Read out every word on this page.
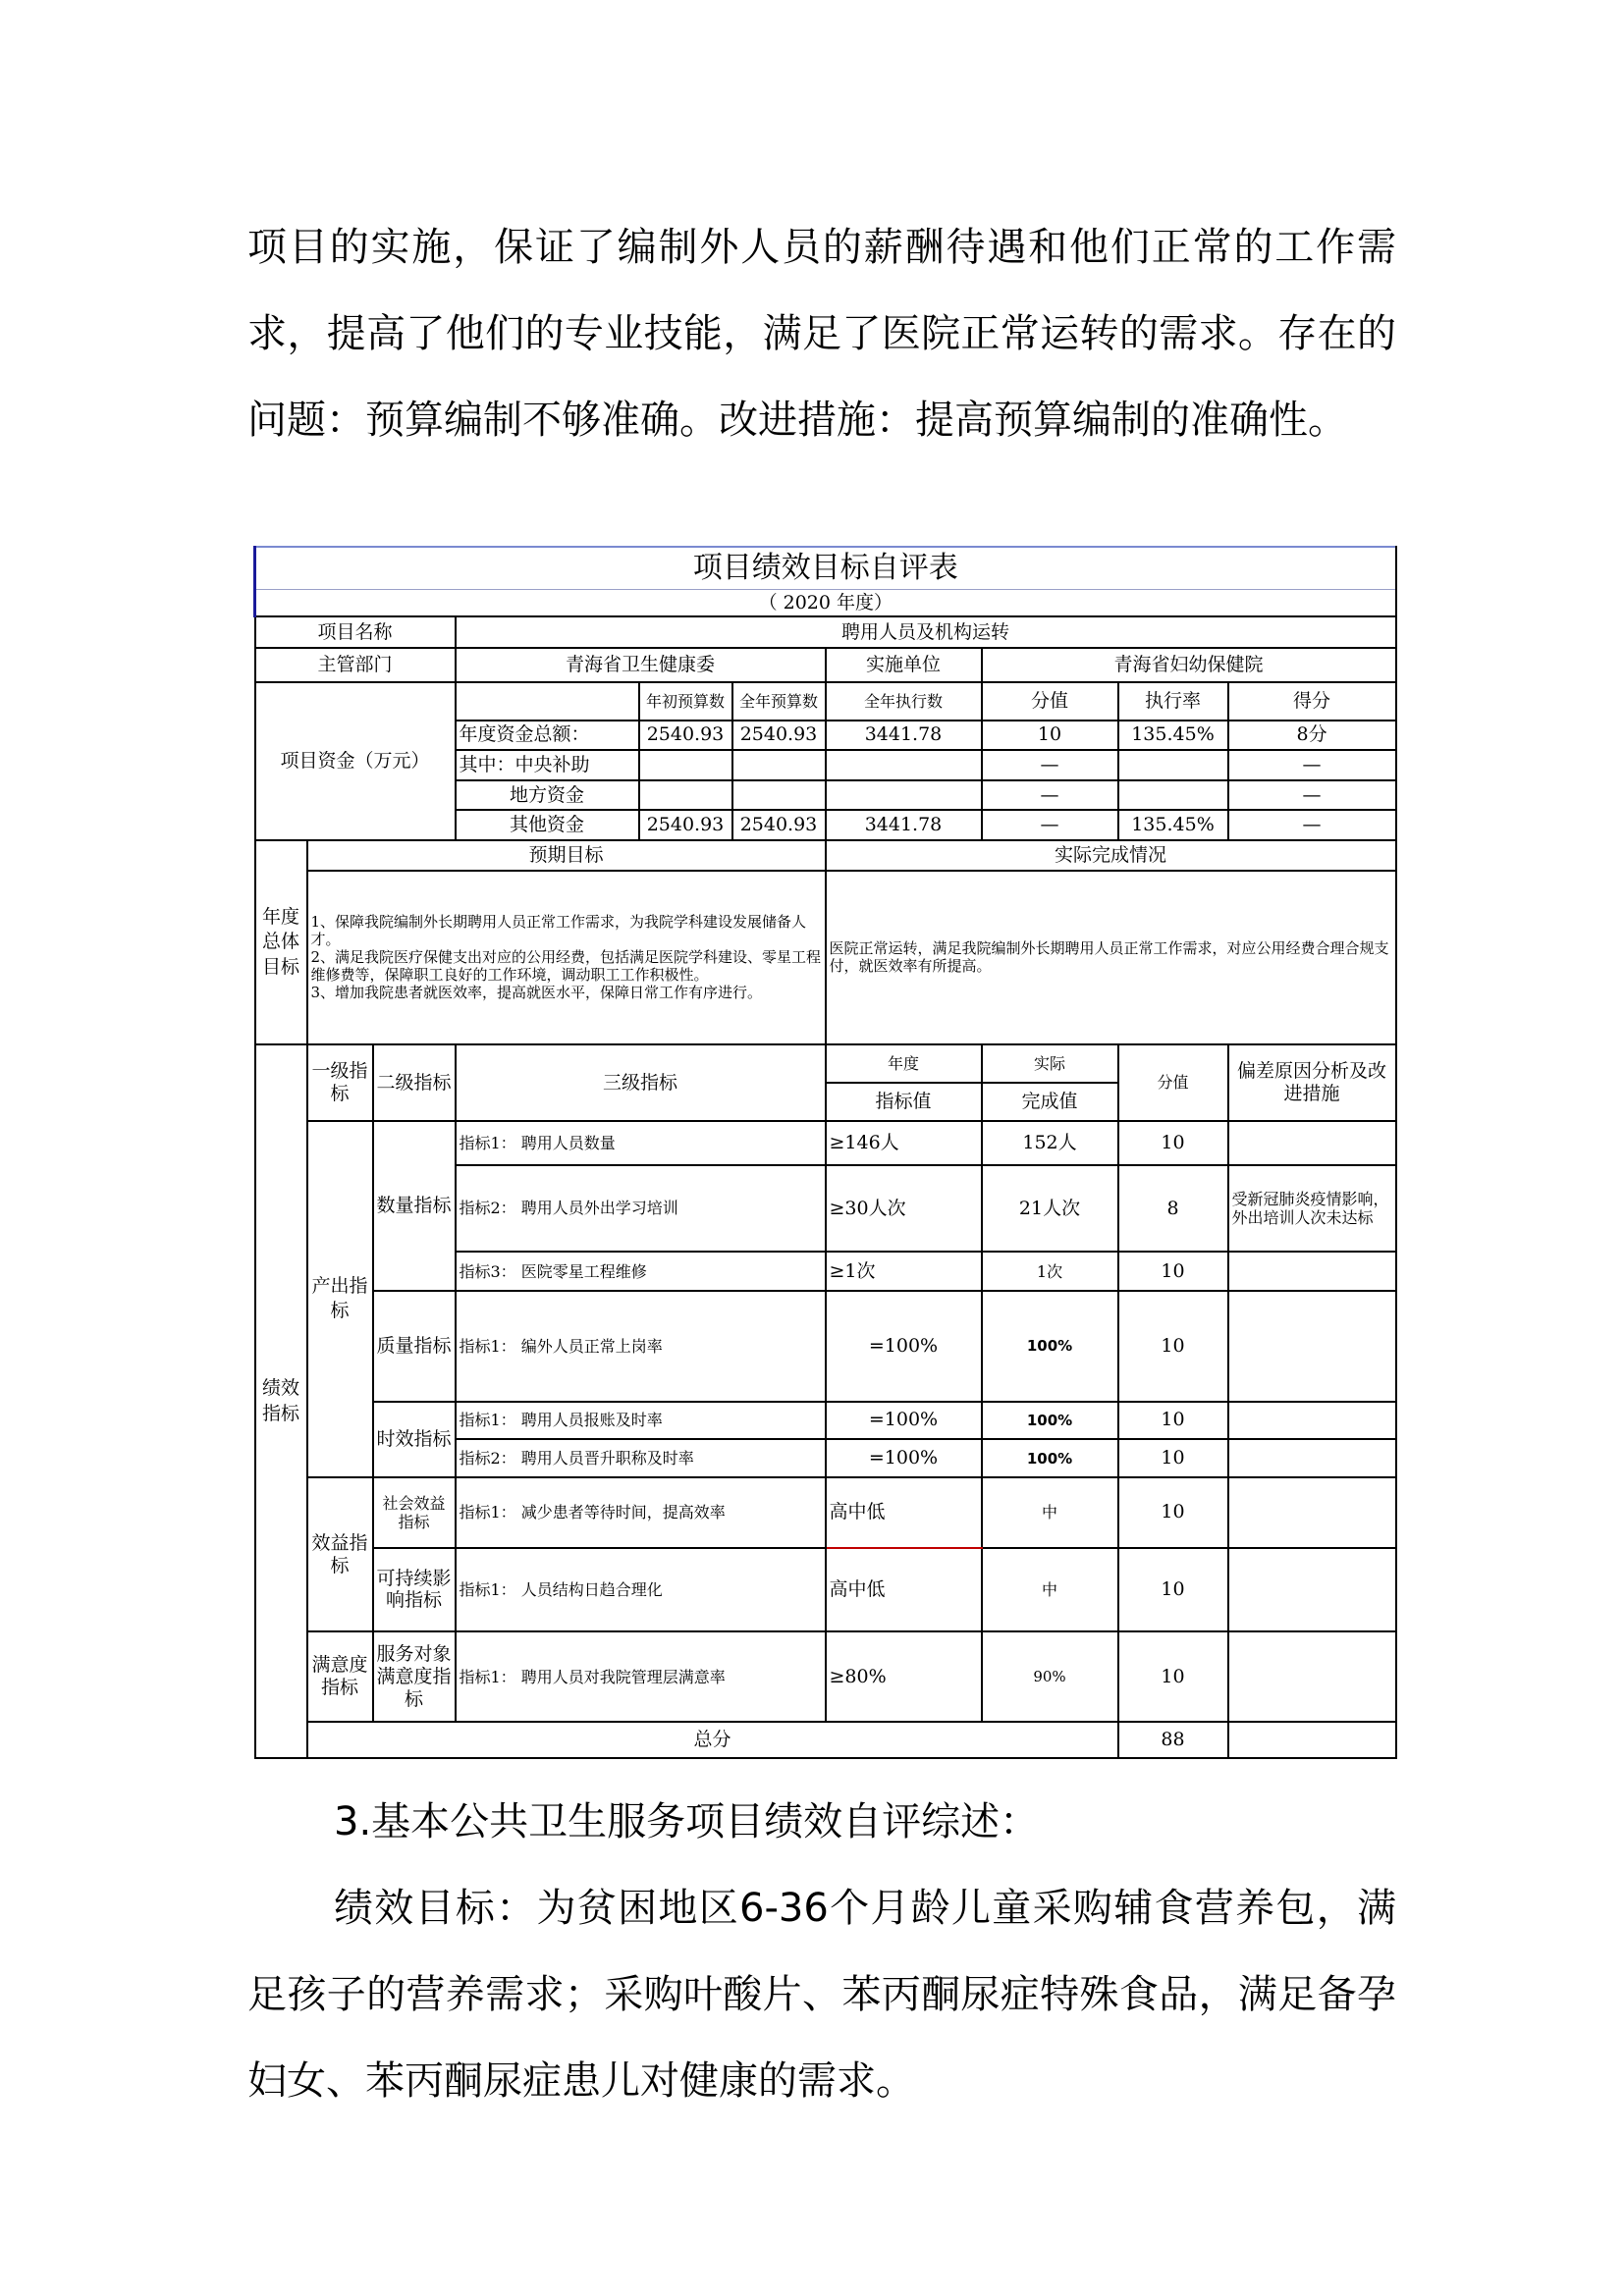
项目的实施，保证了编制外人员的薪酬待遇和他们正常的工作需求，提高了他们的专业技能，满足了医院正常运转的需求。存在的问题：预算编制不够准确。改进措施：提高预算编制的准确性。

项目绩效目标自评表									
（ 2020 年度）									
项目名称			聘用人员及机构运转						
主管部门			青海省卫生健康委			实施单位	青海省妇幼保健院		
项目资金（万元）				年初预算数	全年预算数	全年执行数	分值	执行率	得分
			年度资金总额：	2540.93	2540.93	3441.78	10	135.45%	8分
			其中：中央补助				—		—
			地方资金				—		—
			其他资金	2540.93	2540.93	3441.78	—	135.45%	—
年度总体目标	预期目标					实际完成情况			

	1、保障我院编制外长期聘用人员正常工作需求，为我院学科建设发展储备人才。
2、满足我院医疗保健支出对应的公用经费，包括满足医院学科建设、零星工程维修费等，保障职工良好的工作环境，调动职工工作积极性。
3、增加我院患者就医效率，提高就医水平，保障日常工作有序进行。					医院正常运转，满足我院编制外长期聘用人员正常工作需求，对应公用经费合理合规支付，就医效率有所提高。			
绩效指标	一级指标	二级指标	三级指标			年度	实际	分值	偏差原因分析及改进措施
						指标值	完成值		
	产出指标	数量指标	指标1： 聘用人员数量			≥146人	152人	10	
			指标2： 聘用人员外出学习培训			≥30人次	21人次	8	受新冠肺炎疫情影响，外出培训人次未达标
			指标3： 医院零星工程维修			≥1次	1次	10	
		质量指标	指标1： 编外人员正常上岗率			=100%	100%	10	
		时效指标	指标1： 聘用人员报账及时率			=100%	100%	10	
			指标2： 聘用人员晋升职称及时率			=100%	100%	10	
	效益指标	社会效益指标	指标1： 减少患者等待时间，提高效率			高中低	中	10	
		可持续影响指标	指标1： 人员结构日趋合理化			高中低	中	10	
	满意度指标	服务对象满意度指标	指标1： 聘用人员对我院管理层满意率			≥80%	90%	10	
	总分							88	

3.基本公共卫生服务项目绩效自评综述：

绩效目标：为贫困地区6-36个月龄儿童采购辅食营养包，满足孩子的营养需求；采购叶酸片、苯丙酮尿症特殊食品，满足备孕妇女、苯丙酮尿症患儿对健康的需求。
